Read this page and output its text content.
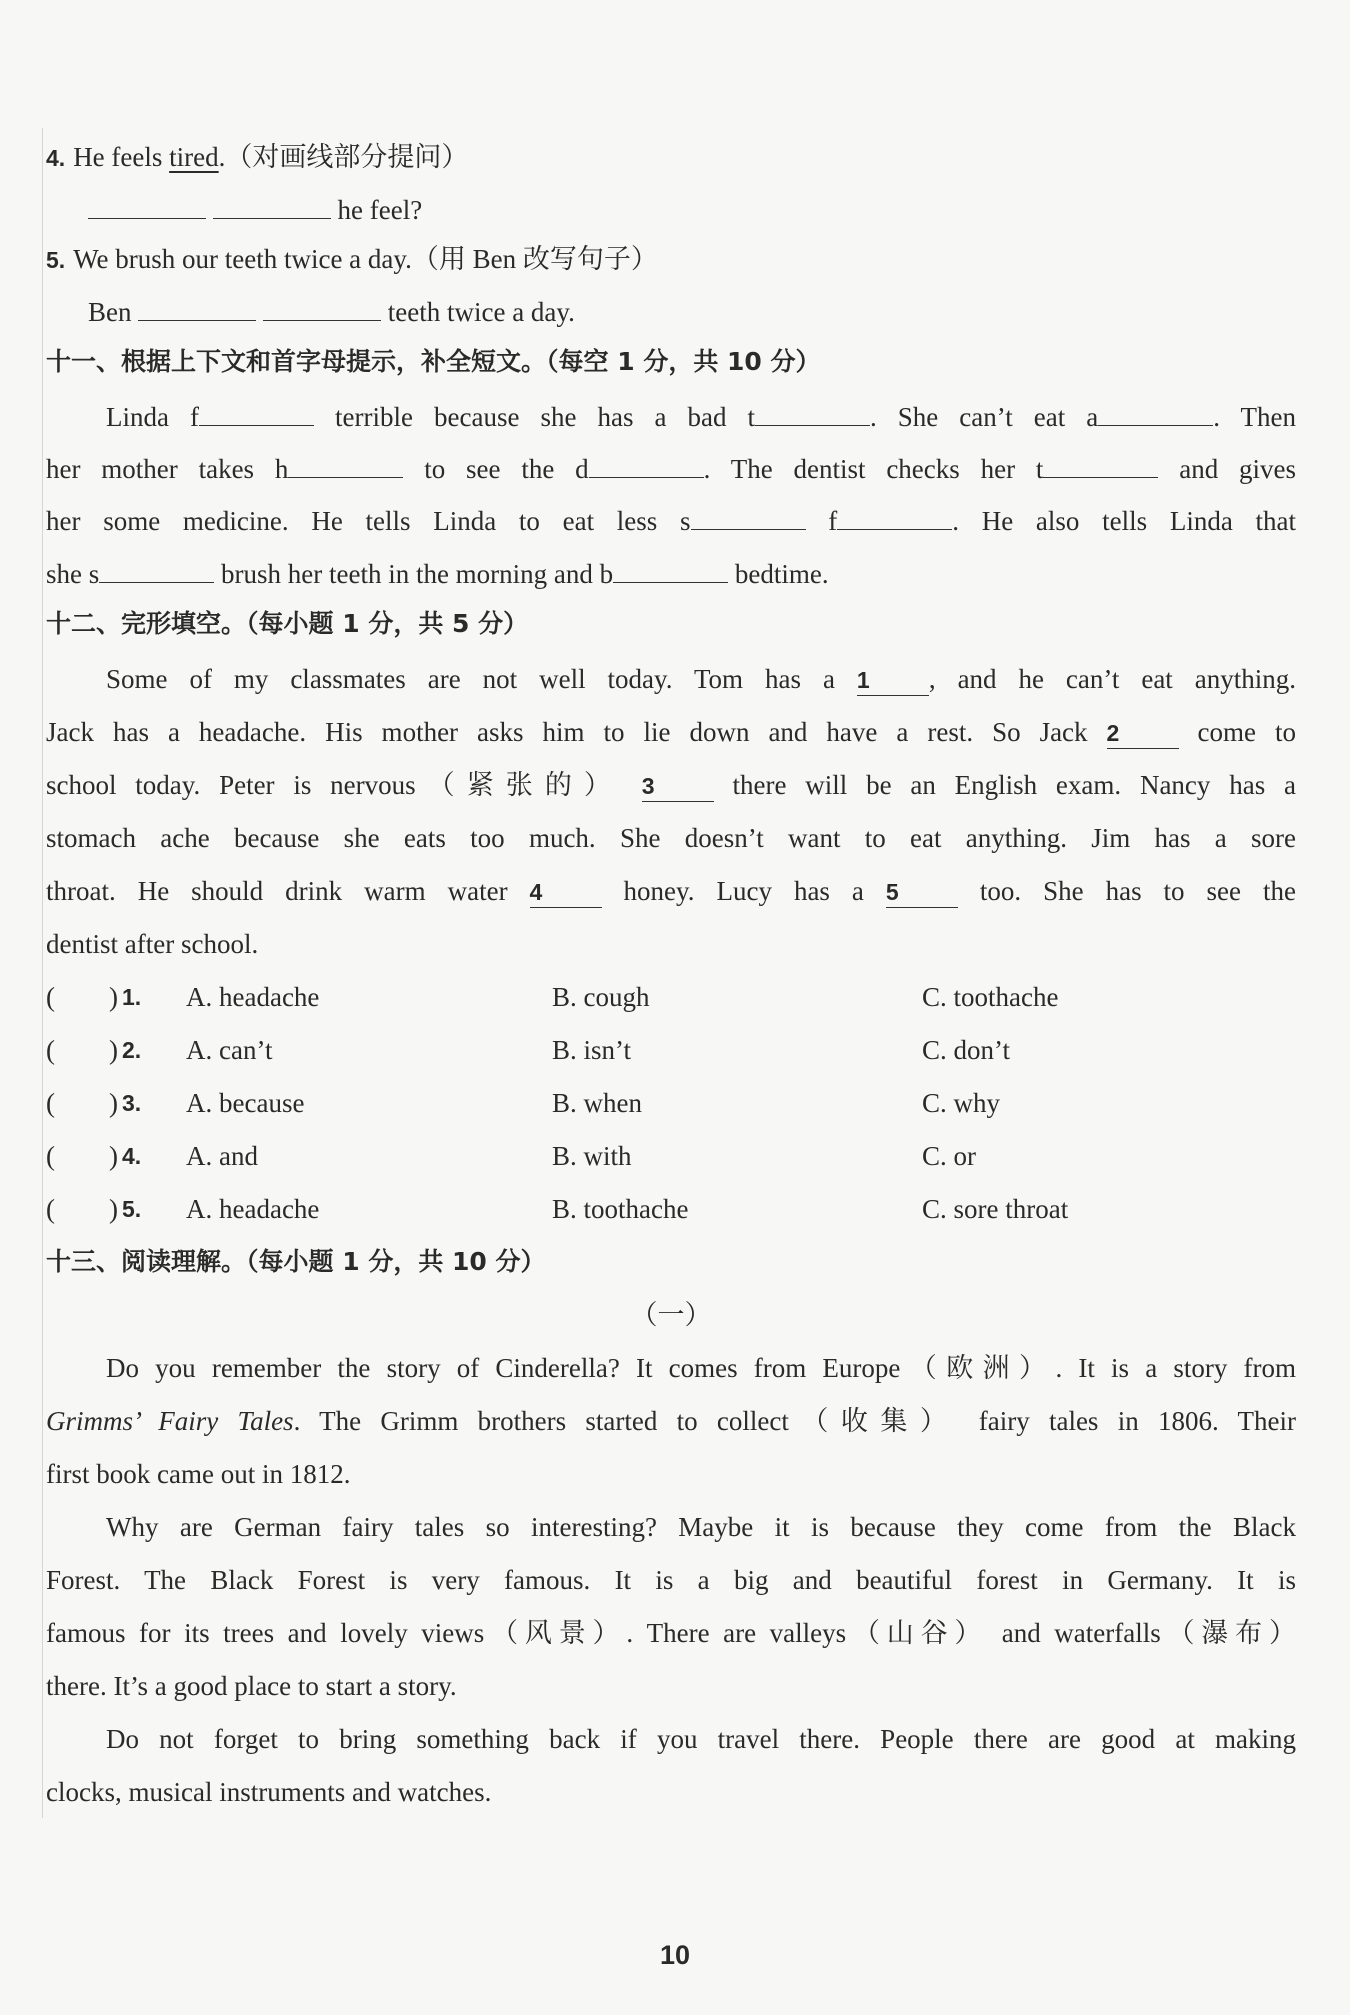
4. He feels tired.（对画线部分提问）
he feel?
5. We brush our teeth twice a day.（用 Ben 改写句子）
Ben	teeth twice a day.
十一、根据上下文和首字母提示，补全短文。（每空 1 分，共 10 分）
Linda f	terrible because she has a bad t	. She can’t eat a	. Then
her mother takes h	to see the d	. The dentist checks her t	and gives
her some medicine. He tells Linda to eat less s	f	. He also tells Linda that
she s	brush her teeth in the morning and b	bedtime.
十二、完形填空。（每小题 1 分，共 5 分）
Some of my classmates are not well today. Tom has a 1 , and he can’t eat anything.
Jack has a headache. His mother asks him to lie down and have a rest. So Jack 2 come to
school today. Peter is nervous（紧张的） 3 there will be an English exam. Nancy has a
stomach ache because she eats too much. She doesn’t want to eat anything. Jim has a sore
throat. He should drink warm water 4 honey. Lucy has a 5 too. She has to see the
dentist after school.
(　　) 1. A. headache	B. cough	C. toothache
(　　) 2. A. can’t	B. isn’t	C. don’t
(　　) 3. A. because	B. when	C. why
(　　) 4. A. and	B. with	C. or
(　　) 5. A. headache	B. toothache	C. sore throat
十三、阅读理解。（每小题 1 分，共 10 分）
（一）
Do you remember the story of Cinderella? It comes from Europe（欧洲）. It is a story from
Grimms’ Fairy Tales. The Grimm brothers started to collect（收集） fairy tales in 1806. Their
first book came out in 1812.
Why are German fairy tales so interesting? Maybe it is because they come from the Black
Forest. The Black Forest is very famous. It is a big and beautiful forest in Germany. It is
famous for its trees and lovely views（风景）. There are valleys（山谷） and waterfalls（瀑布）
there. It’s a good place to start a story.
Do not forget to bring something back if you travel there. People there are good at making
clocks, musical instruments and watches.
10
